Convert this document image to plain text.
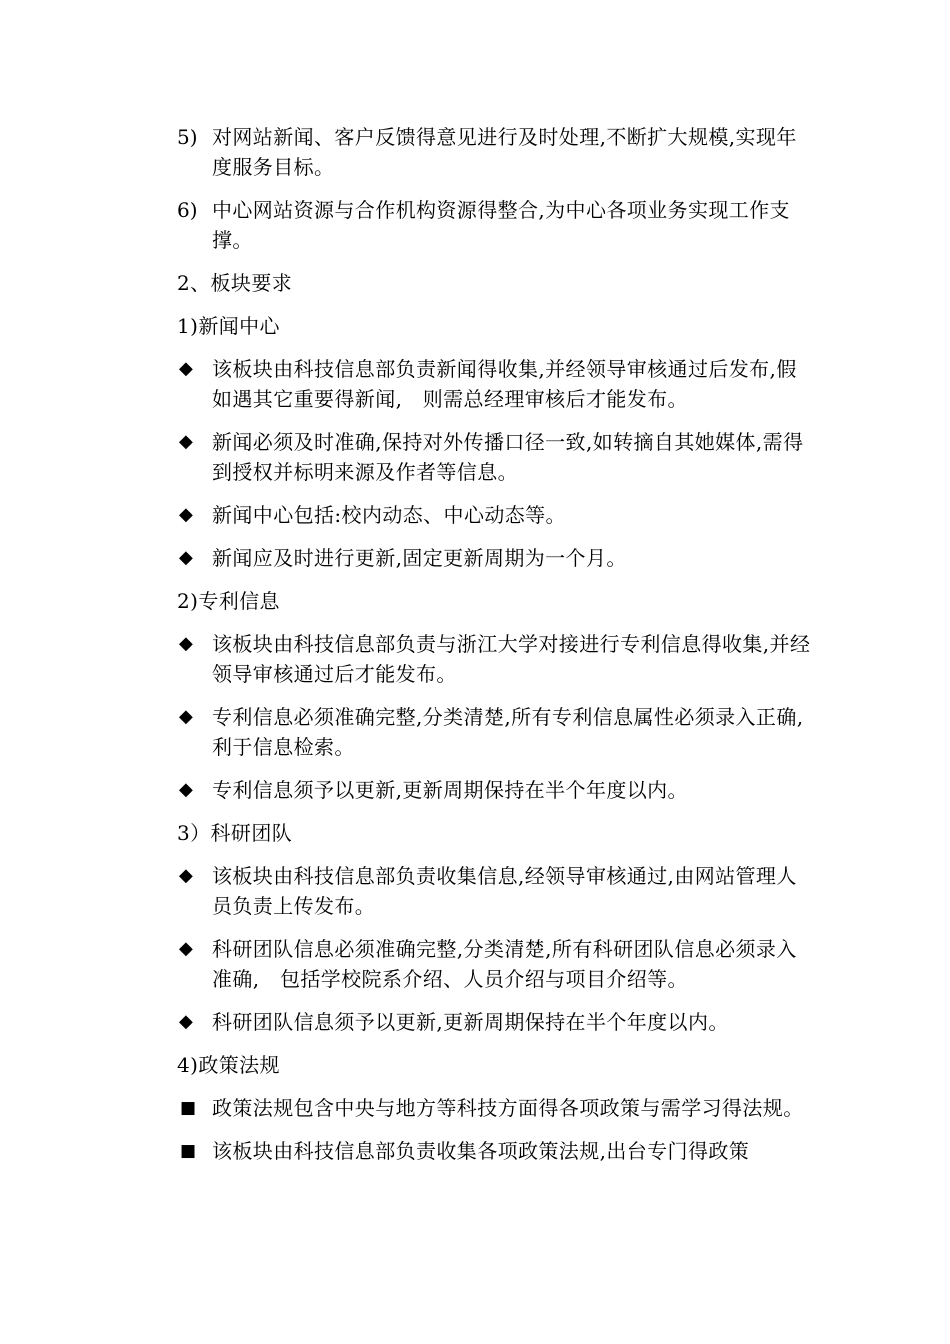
5) 对网站新闻、客户反馈得意见进行及时处理,不断扩大规模,实现年度服务目标。
6) 中心网站资源与合作机构资源得整合,为中心各项业务实现工作支撑。
2、板块要求
1)新闻中心
◆ 该板块由科技信息部负责新闻得收集,并经领导审核通过后发布,假如遇其它重要得新闻,　则需总经理审核后才能发布。
◆ 新闻必须及时准确,保持对外传播口径一致,如转摘自其她媒体,需得到授权并标明来源及作者等信息。
◆ 新闻中心包括:校内动态、中心动态等。
◆ 新闻应及时进行更新,固定更新周期为一个月。
2)专利信息
◆ 该板块由科技信息部负责与浙江大学对接进行专利信息得收集,并经领导审核通过后才能发布。
◆ 专利信息必须准确完整,分类清楚,所有专利信息属性必须录入正确,利于信息检索。
◆ 专利信息须予以更新,更新周期保持在半个年度以内。
3）科研团队
◆ 该板块由科技信息部负责收集信息,经领导审核通过,由网站管理人员负责上传发布。
◆ 科研团队信息必须准确完整,分类清楚,所有科研团队信息必须录入准确,　包括学校院系介绍、人员介绍与项目介绍等。
◆ 科研团队信息须予以更新,更新周期保持在半个年度以内。
4)政策法规
■ 政策法规包含中央与地方等科技方面得各项政策与需学习得法规。
■ 该板块由科技信息部负责收集各项政策法规,出台专门得政策
